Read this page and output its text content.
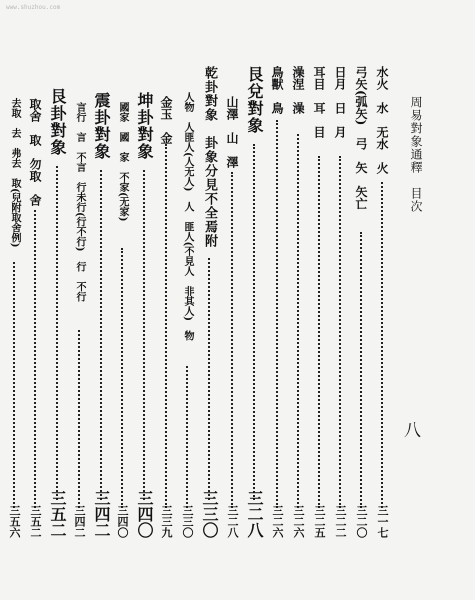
www.shuzhou.com
周易對象通釋　目次
八
水火　水　无水　火
三一七
弓矢(弧矢)　弓　矢　矢亡
三二〇
日月　日　月
三二二
耳目　耳　目
三二五
澡涅　澡
三二六
鳥獸　鳥
三二六
艮兌對象
三二八
山澤　山　澤
三二八
乾卦對象　卦象分見不全焉附
三三〇
人物　人匪人(人无人)　人　匪人(不見人　非其人)　物
三三〇
金玉　金
三三九
坤卦對象
三四〇
國家　國　家　不家(无家)
三四〇
震卦對象
三四二
言行　言　不言　行未行(行不行)　行　不行
三四二
艮卦對象
三五二
取舍　取　勿取　舍
三五二
去取　去　弗去　取(兒附取舍例)
三五六
